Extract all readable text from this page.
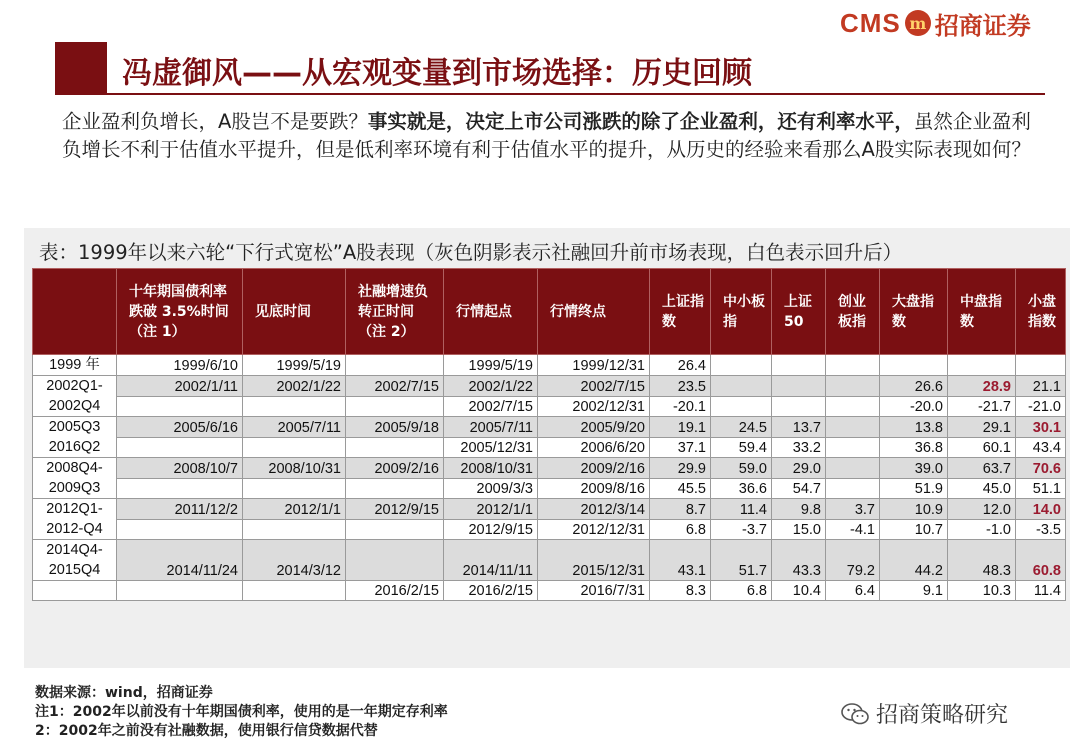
CMS m 招商证券
冯虚御风——从宏观变量到市场选择：历史回顾
企业盈利负增长，A股岂不是要跌？事实就是，决定上市公司涨跌的除了企业盈利，还有利率水平，虽然企业盈利负增长不利于估值水平提升，但是低利率环境有利于估值水平的提升，从历史的经验来看那么A股实际表现如何？
表：1999年以来六轮“下行式宽松”A股表现（灰色阴影表示社融回升前市场表现，白色表示回升后）
	十年期国债利率跌破 3.5%时间（注 1）	见底时间	社融增速负转正时间（注 2）	行情起点	行情终点	上证指数	中小板指	上证50	创业板指	大盘指数	中盘指数	小盘指数
1999 年	1999/6/10	1999/5/19		1999/5/19	1999/12/31	26.4						
2002Q1-2002Q4	2002/1/11	2002/1/22	2002/7/15	2002/1/22	2002/7/15	23.5				26.6	28.9	21.1
				2002/7/15	2002/12/31	-20.1				-20.0	-21.7	-21.0
2005Q3 2016Q2	2005/6/16	2005/7/11	2005/9/18	2005/7/11	2005/9/20	19.1	24.5	13.7		13.8	29.1	30.1
				2005/12/31	2006/6/20	37.1	59.4	33.2		36.8	60.1	43.4
2008Q4-2009Q3	2008/10/7	2008/10/31	2009/2/16	2008/10/31	2009/2/16	29.9	59.0	29.0		39.0	63.7	70.6
				2009/3/3	2009/8/16	45.5	36.6	54.7		51.9	45.0	51.1
2012Q1-2012-Q4	2011/12/2	2012/1/1	2012/9/15	2012/1/1	2012/3/14	8.7	11.4	9.8	3.7	10.9	12.0	14.0
				2012/9/15	2012/12/31	6.8	-3.7	15.0	-4.1	10.7	-1.0	-3.5
2014Q4-2015Q4	2014/11/24	2014/3/12		2014/11/11	2015/12/31	43.1	51.7	43.3	79.2	44.2	48.3	60.8
			2016/2/15	2016/2/15	2016/7/31	8.3	6.8	10.4	6.4	9.1	10.3	11.4
数据来源：wind，招商证券
注1：2002年以前没有十年期国债利率，使用的是一年期定存利率
2：2002年之前没有社融数据，使用银行信贷数据代替
招商策略研究
